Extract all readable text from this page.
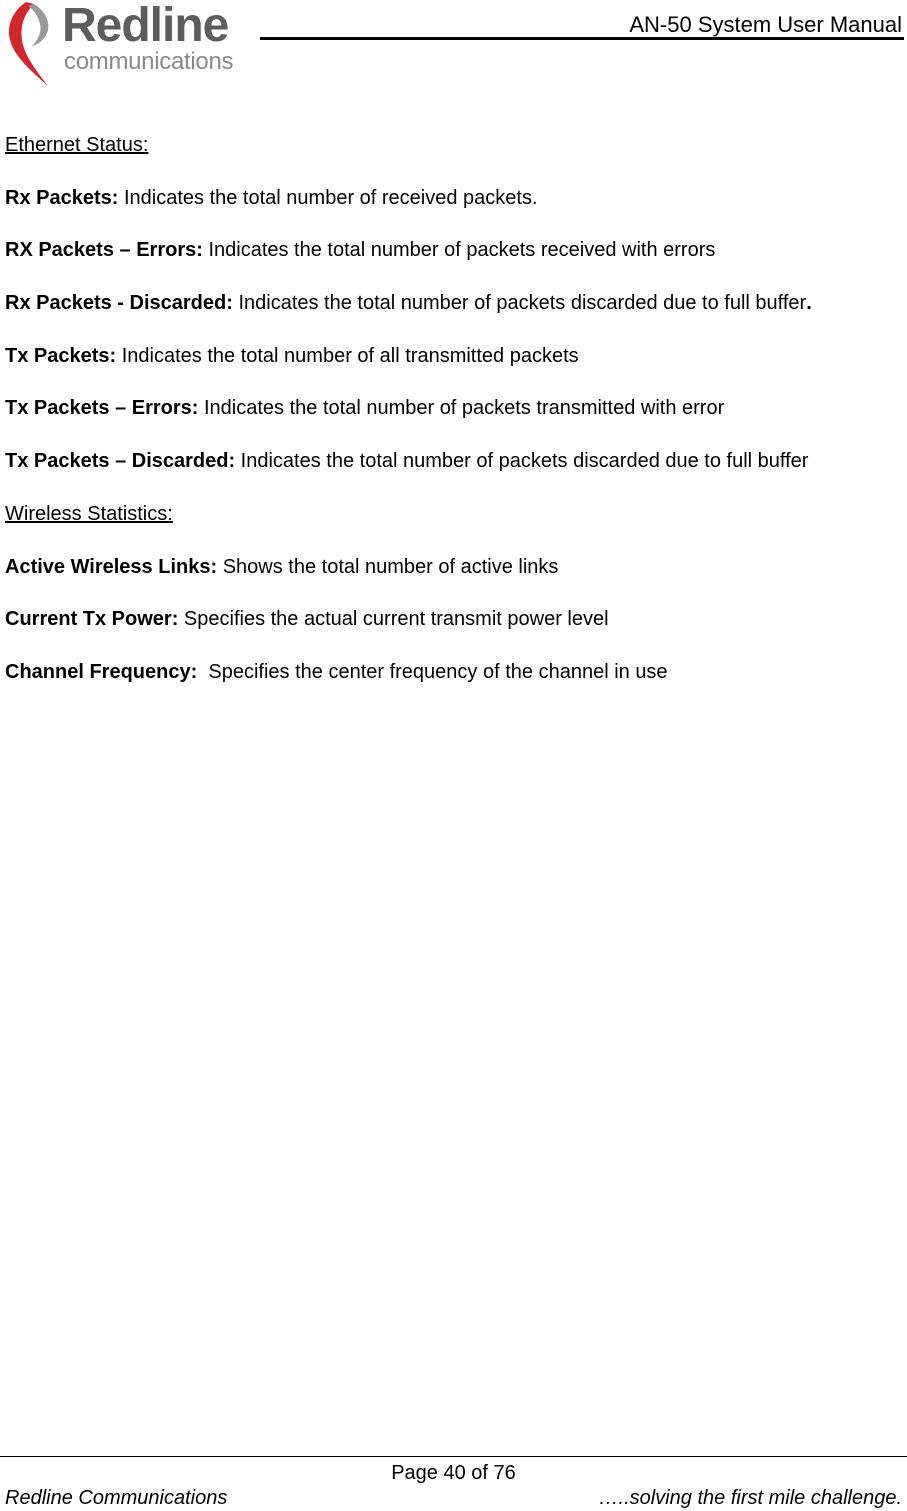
Redline
communications
AN-50 System User Manual
Ethernet Status:
Rx Packets: Indicates the total number of received packets.
RX Packets – Errors: Indicates the total number of packets received with errors
Rx Packets - Discarded: Indicates the total number of packets discarded due to full buffer.
Tx Packets: Indicates the total number of all transmitted packets
Tx Packets – Errors: Indicates the total number of packets transmitted with error
Tx Packets – Discarded: Indicates the total number of packets discarded due to full buffer
Wireless Statistics:
Active Wireless Links: Shows the total number of active links
Current Tx Power: Specifies the actual current transmit power level
Channel Frequency:  Specifies the center frequency of the channel in use
Page 40 of 76
Redline Communications	…..solving the first mile challenge.
